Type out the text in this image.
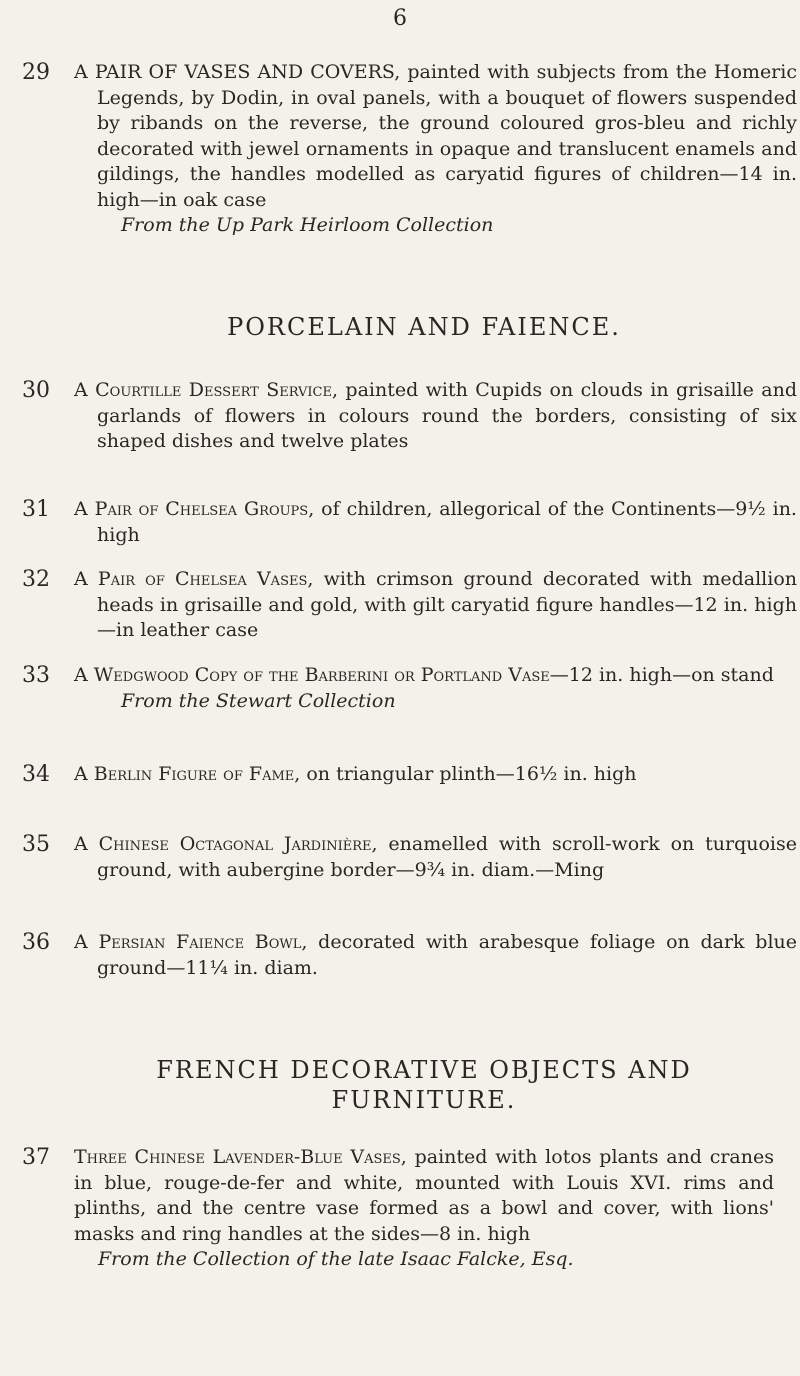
6
29 A PAIR OF VASES AND COVERS, painted with subjects from the Homeric Legends, by Dodin, in oval panels, with a bouquet of flowers suspended by ribands on the reverse, the ground coloured gros-bleu and richly decorated with jewel ornaments in opaque and translucent enamels and gildings, the handles modelled as caryatid figures of children—14 in. high—in oak case
From the Up Park Heirloom Collection
PORCELAIN AND FAIENCE.
30 A Courtille Dessert Service, painted with Cupids on clouds in grisaille and garlands of flowers in colours round the borders, consisting of six shaped dishes and twelve plates
31 A Pair of Chelsea Groups, of children, allegorical of the Continents—9½ in. high
32 A Pair of Chelsea Vases, with crimson ground decorated with medallion heads in grisaille and gold, with gilt caryatid figure handles—12 in. high—in leather case
33 A Wedgwood Copy of the Barberini or Portland Vase—12 in. high—on stand
From the Stewart Collection
34 A Berlin Figure of Fame, on triangular plinth—16½ in. high
35 A Chinese Octagonal Jardinière, enamelled with scroll-work on turquoise ground, with aubergine border—9¾ in. diam.—Ming
36 A Persian Faience Bowl, decorated with arabesque foliage on dark blue ground—11¼ in. diam.
FRENCH DECORATIVE OBJECTS AND FURNITURE.
37 Three Chinese Lavender-Blue Vases, painted with lotos plants and cranes in blue, rouge-de-fer and white, mounted with Louis XVI. rims and plinths, and the centre vase formed as a bowl and cover, with lions' masks and ring handles at the sides—8 in. high
From the Collection of the late Isaac Falcke, Esq.
